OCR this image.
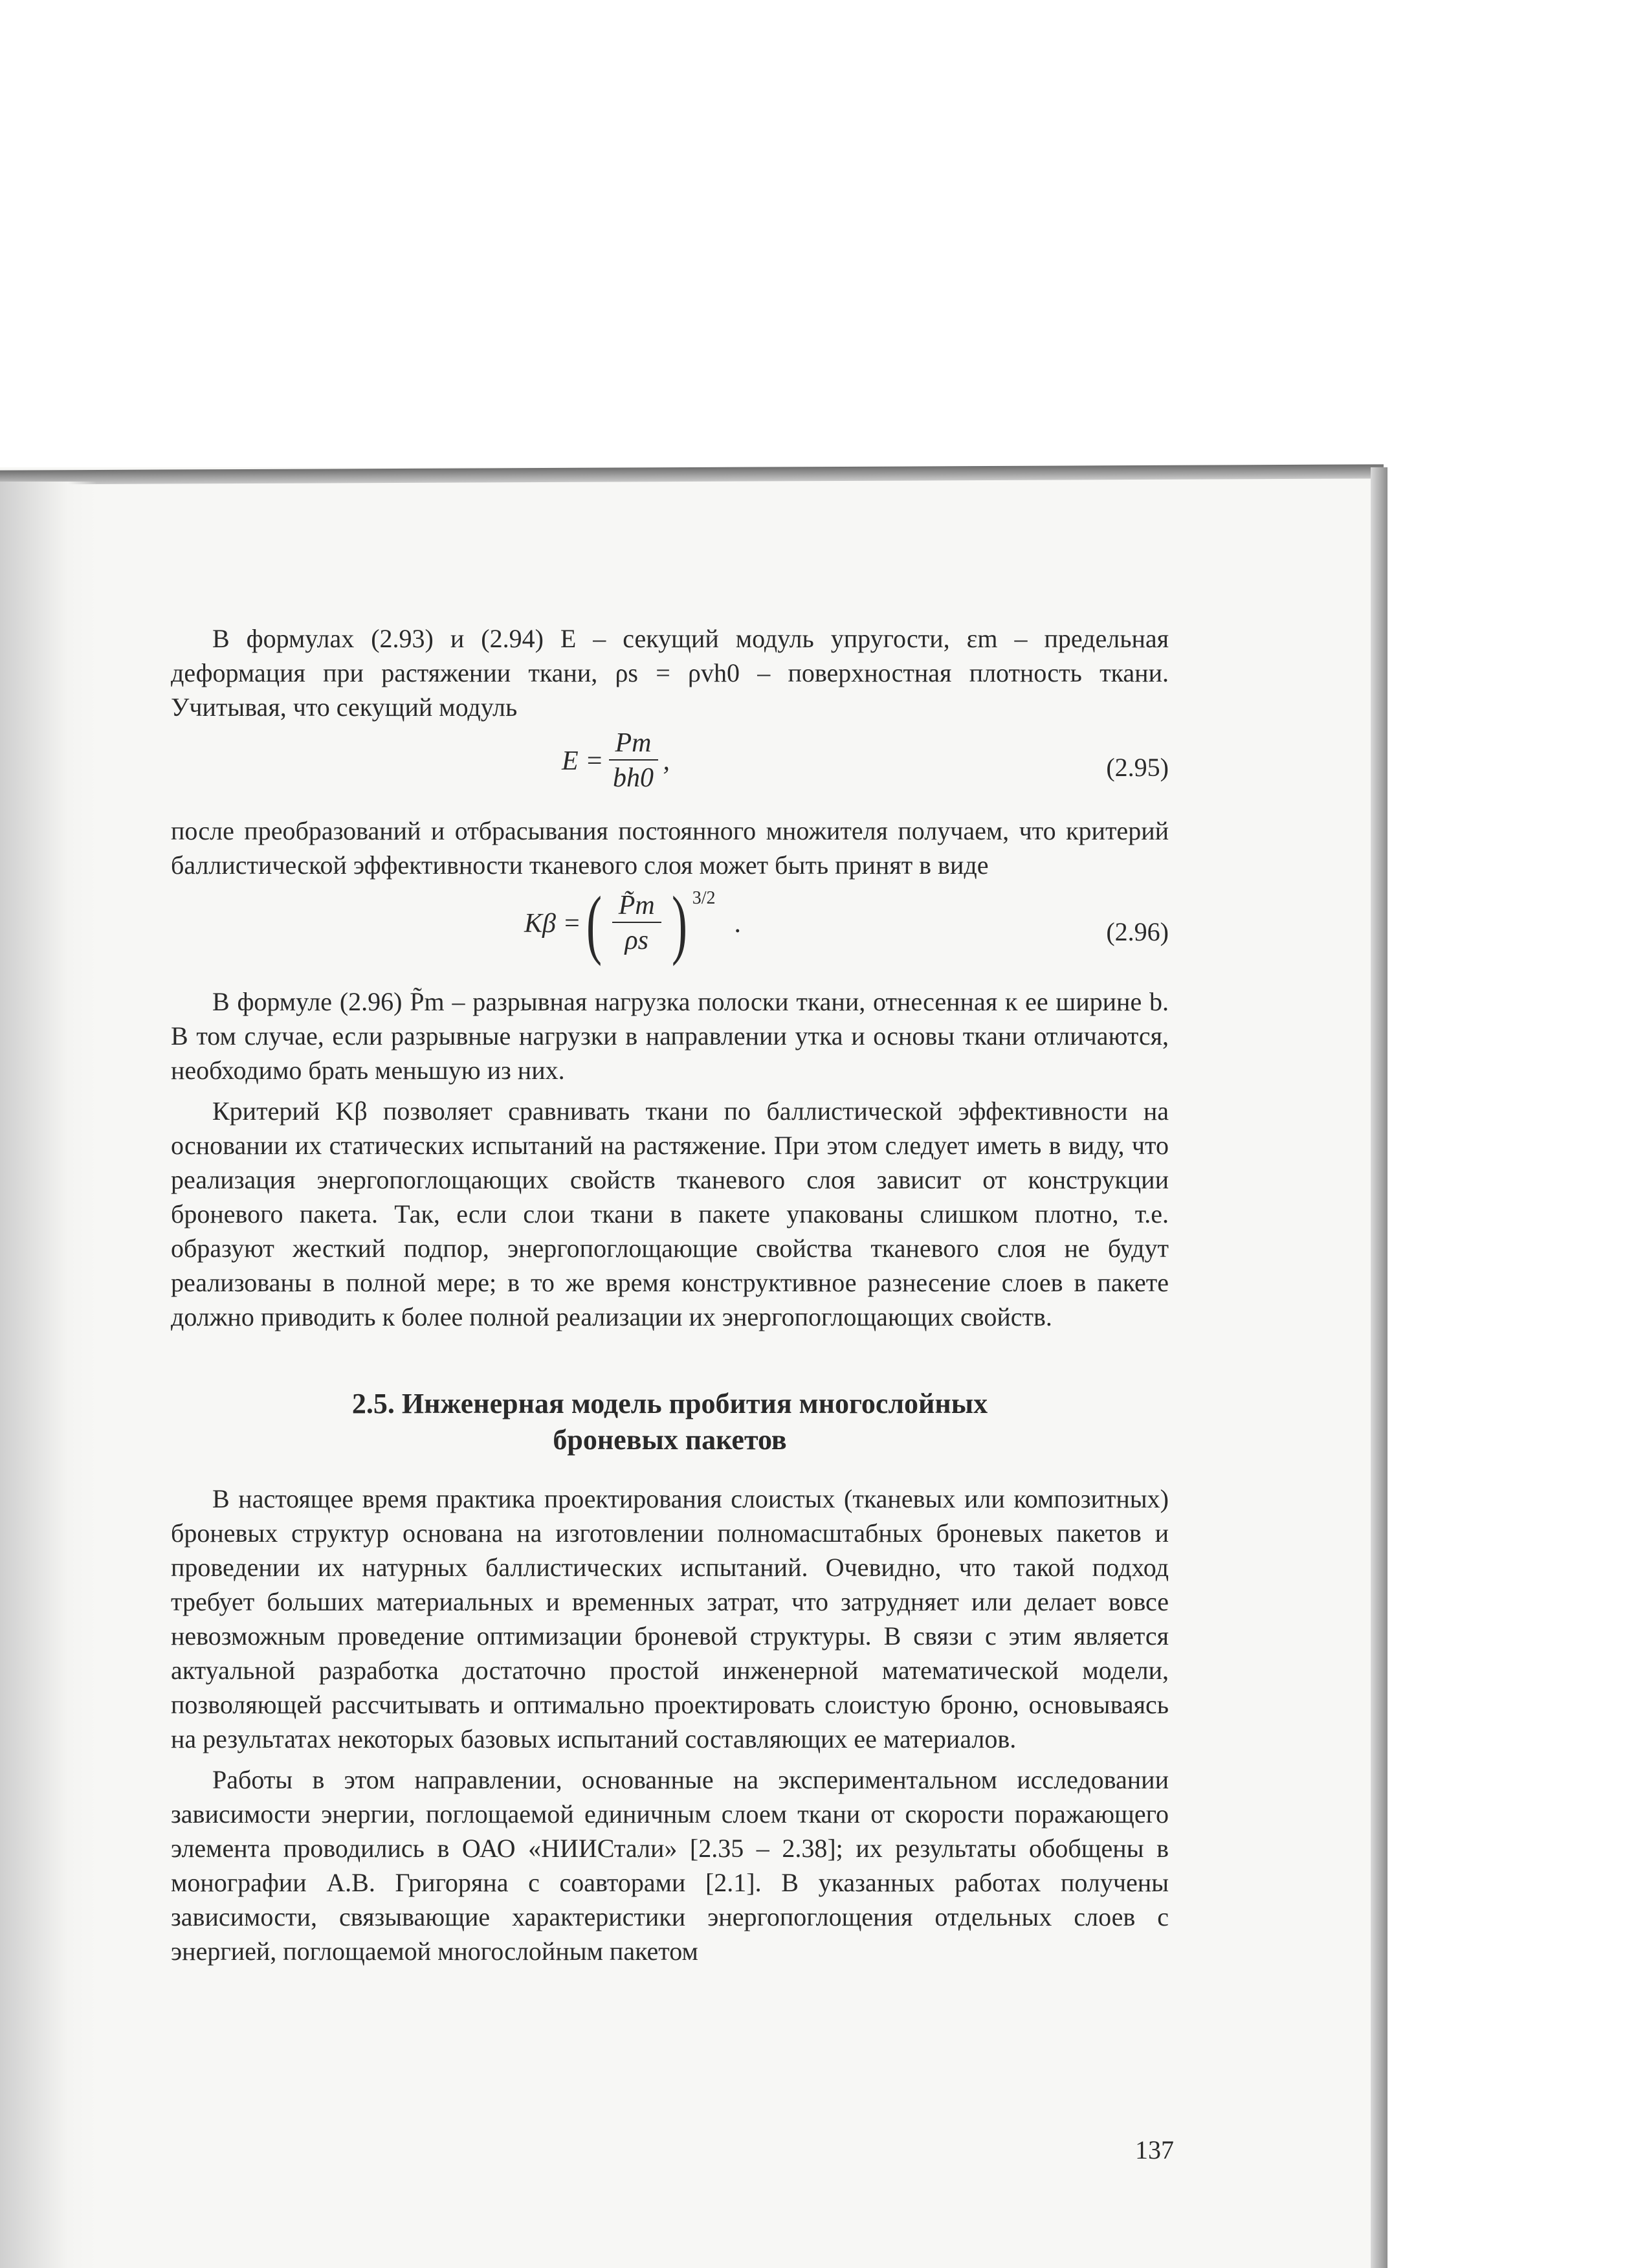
В формулах (2.93) и (2.94) E – секущий модуль упругости, εm – предельная деформация при растяжении ткани, ρs = ρvh0 – поверхностная плотность ткани. Учитывая, что секущий модуль

$E = \frac{Pm}{bh0}$ ,	(2.95)

после преобразований и отбрасывания постоянного множителя получаем, что критерий баллистической эффективности тканевого слоя может быть принят в виде

Kβ = ( $\frac{P̃m}{\rho s}$ ) 3/2
.	(2.96)

В формуле (2.96) P̃m – разрывная нагрузка полоски ткани, отнесенная к ее ширине b. В том случае, если разрывные нагрузки в направлении утка и основы ткани отличаются, необходимо брать меньшую из них.

Критерий Kβ позволяет сравнивать ткани по баллистической эффективности на основании их статических испытаний на растяжение. При этом следует иметь в виду, что реализация энергопоглощающих свойств тканевого слоя зависит от конструкции броневого пакета. Так, если слои ткани в пакете упакованы слишком плотно, т.е. образуют жесткий подпор, энергопоглощающие свойства тканевого слоя не будут реализованы в полной мере; в то же время конструктивное разнесение слоев в пакете должно приводить к более полной реализации их энергопоглощающих свойств.

2.5. Инженерная модель пробития многослойных
броневых пакетов

В настоящее время практика проектирования слоистых (тканевых или композитных) броневых структур основана на изготовлении полномасштабных броневых пакетов и проведении их натурных баллистических испытаний. Очевидно, что такой подход требует больших материальных и временных затрат, что затрудняет или делает вовсе невозможным проведение оптимизации броневой структуры. В связи с этим является актуальной разработка достаточно простой инженерной математической модели, позволяющей рассчитывать и оптимально проектировать слоистую броню, основываясь на результатах некоторых базовых испытаний составляющих ее материалов.

Работы в этом направлении, основанные на экспериментальном исследовании зависимости энергии, поглощаемой единичным слоем ткани от скорости поражающего элемента проводились в ОАО «НИИСтали» [2.35 – 2.38]; их результаты обобщены в монографии А.В. Григоряна с соавторами [2.1]. В указанных работах получены зависимости, связывающие характеристики энергопоглощения отдельных слоев с энергией, поглощаемой многослойным пакетом

137
